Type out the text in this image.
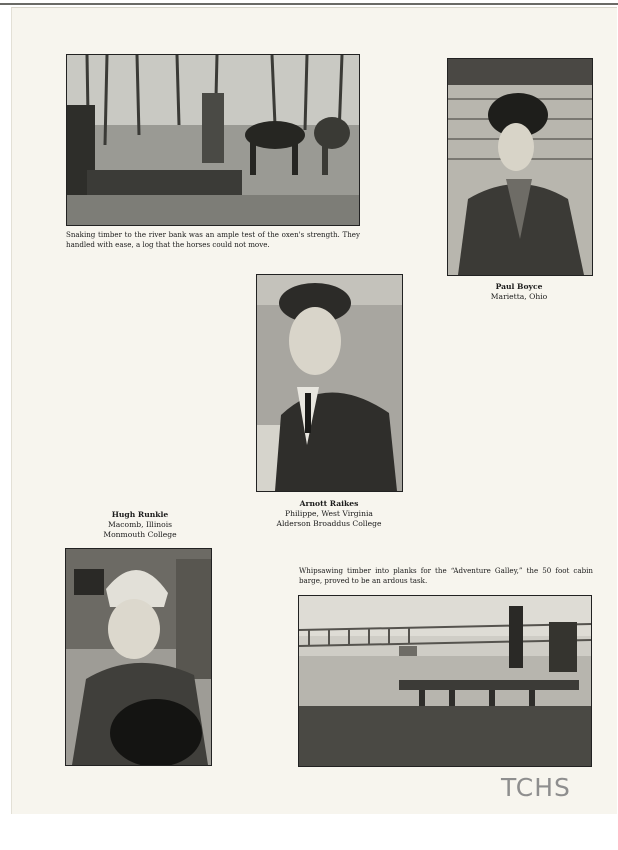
Snaking timber to the river bank was an ample test of the oxen's strength. They handled with ease, a log that the horses could not move.
Paul Boyce
Marietta, Ohio
Arnott Raikes
Philippe, West Virginia
Alderson Broaddus College
Hugh Runkle
Macomb, Illinois
Monmouth College
Whipsawing timber into planks for the “Adventure Galley,” the 50 foot cabin barge, proved to be an ardous task.
TCHS
